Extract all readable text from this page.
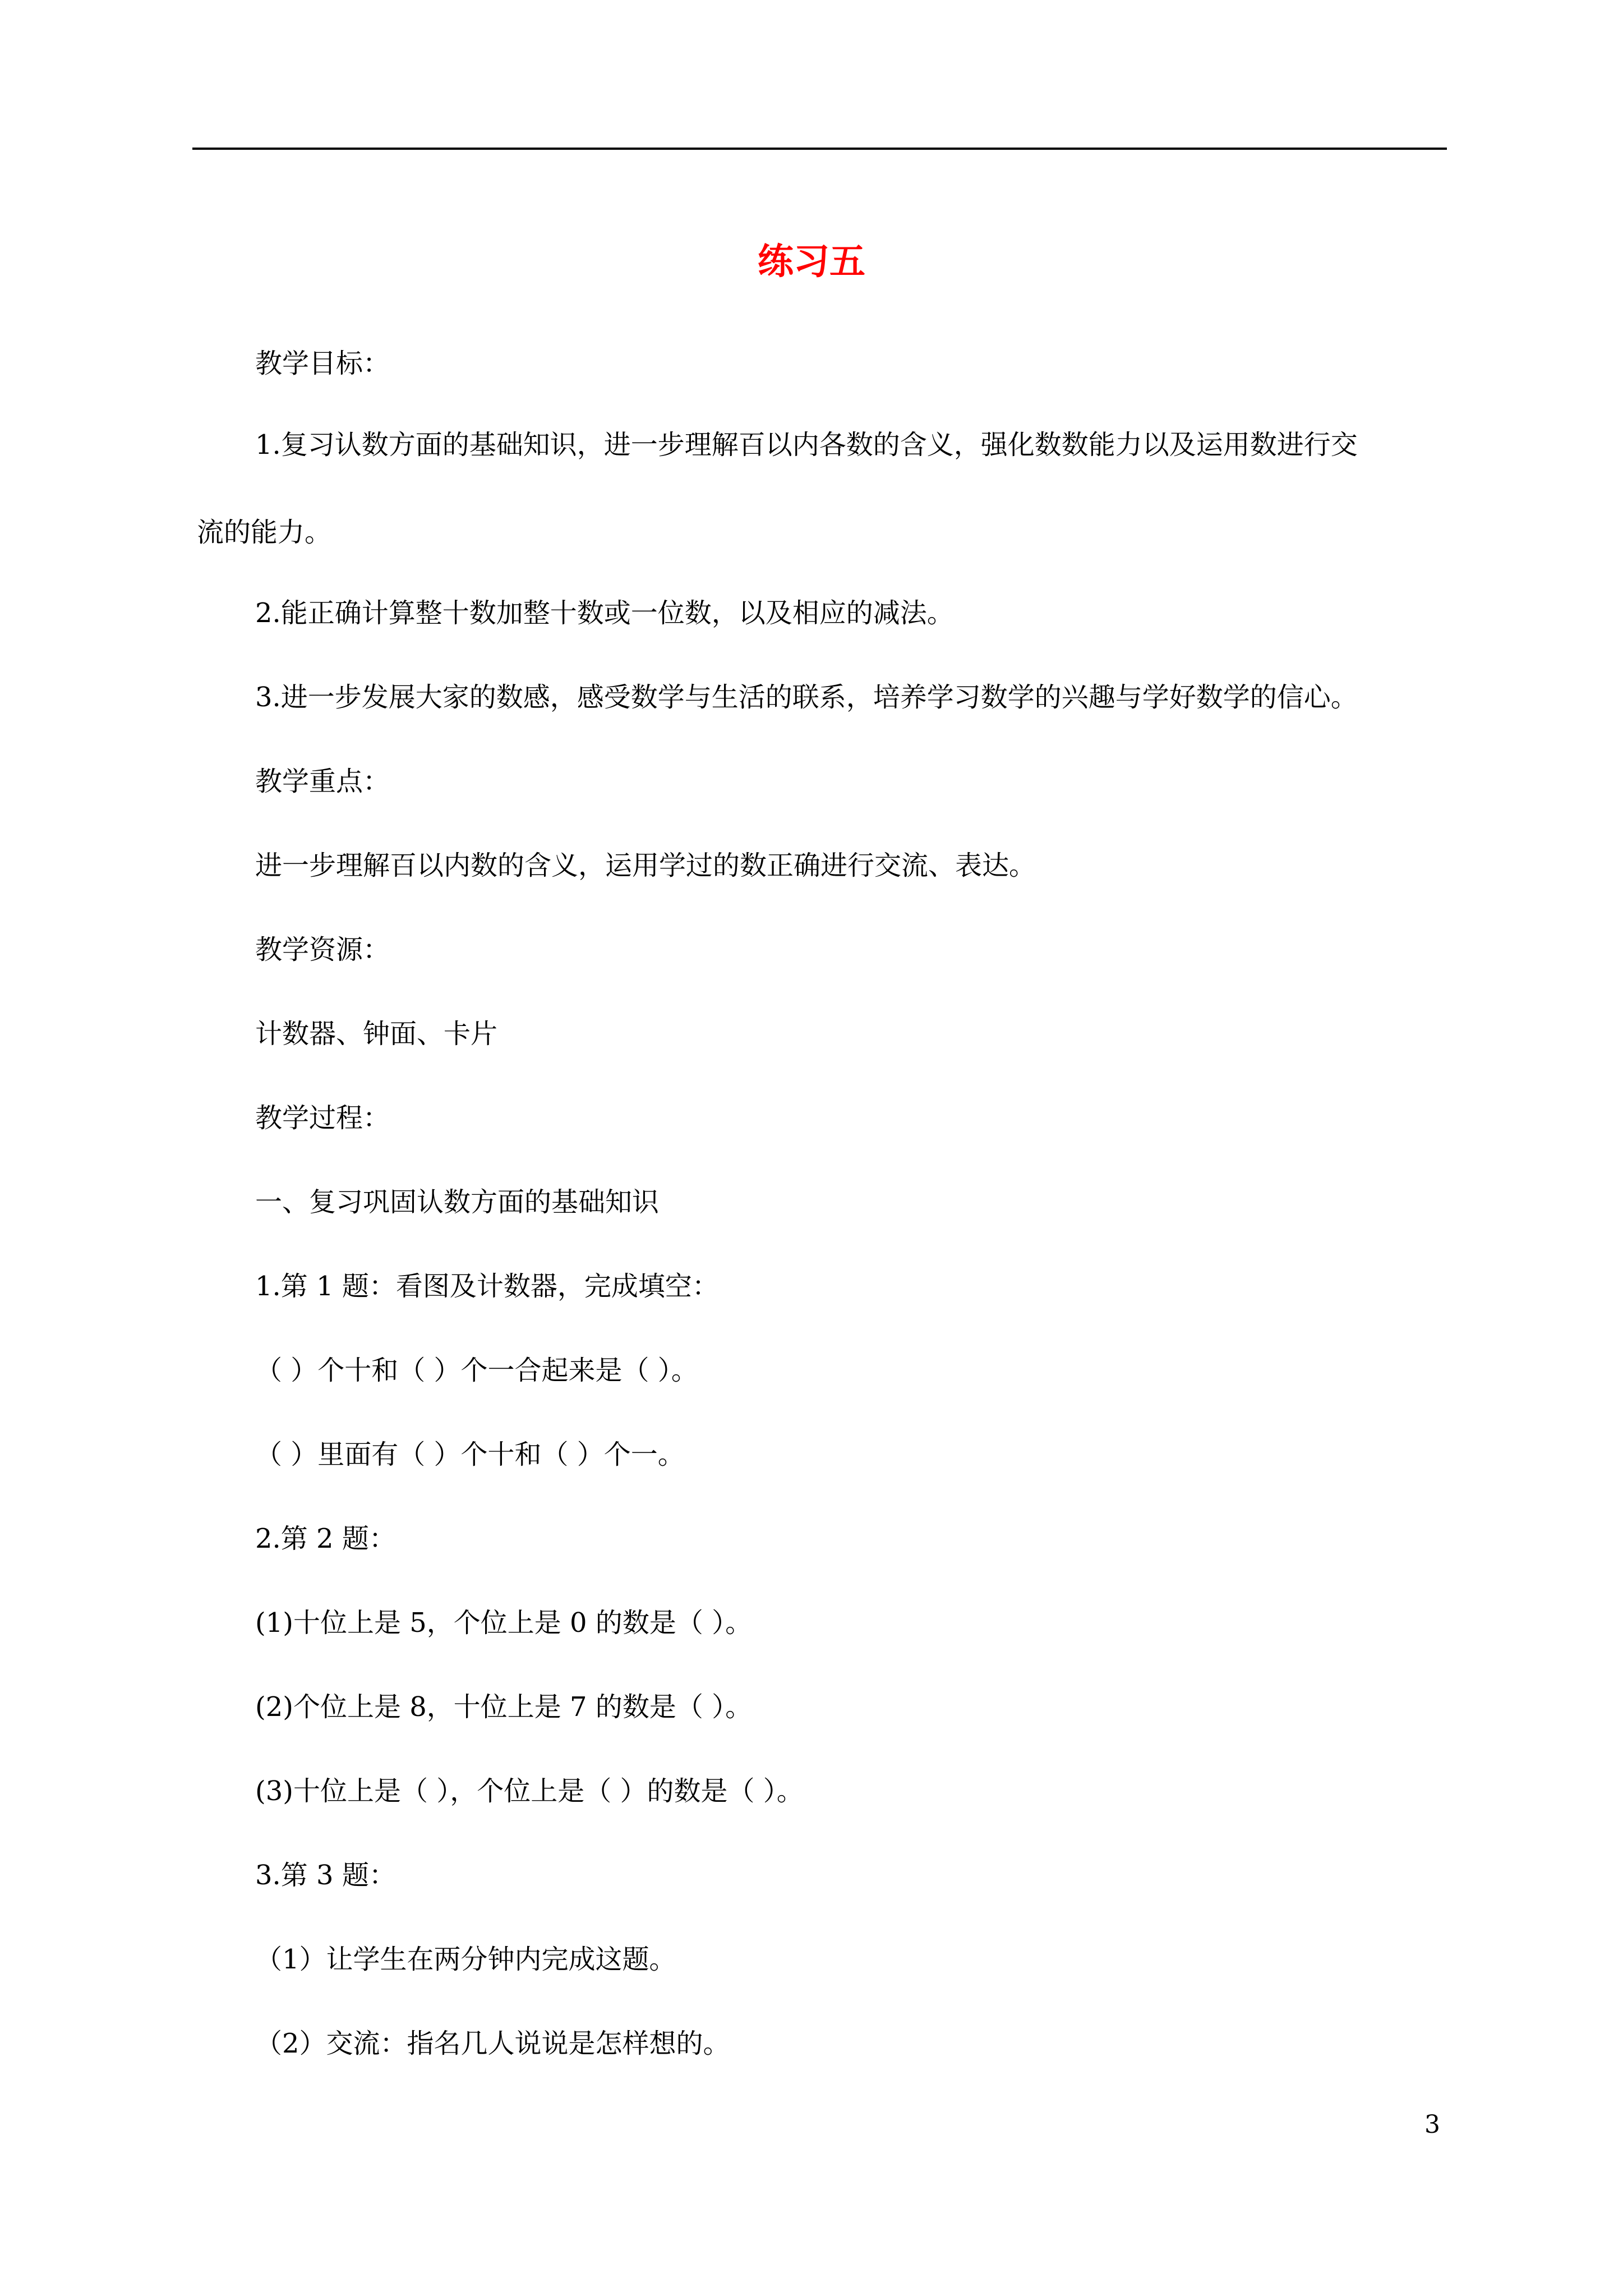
练习五
教学目标：
1.复习认数方面的基础知识，进一步理解百以内各数的含义，强化数数能力以及运用数进行交
流的能力。
2.能正确计算整十数加整十数或一位数，以及相应的减法。
3.进一步发展大家的数感，感受数学与生活的联系，培养学习数学的兴趣与学好数学的信心。
教学重点：
进一步理解百以内数的含义，运用学过的数正确进行交流、表达。
教学资源：
计数器、钟面、卡片
教学过程：
一、复习巩固认数方面的基础知识
1.第 1 题：看图及计数器，完成填空：
（ ）个十和（ ）个一合起来是（ ）。
（ ）里面有（ ）个十和（ ）个一。
2.第 2 题：
(1)十位上是 5，个位上是 0 的数是（ ）。
(2)个位上是 8，十位上是 7 的数是（ ）。
(3)十位上是（ ），个位上是（ ）的数是（ ）。
3.第 3 题：
（1）让学生在两分钟内完成这题。
（2）交流：指名几人说说是怎样想的。
3
